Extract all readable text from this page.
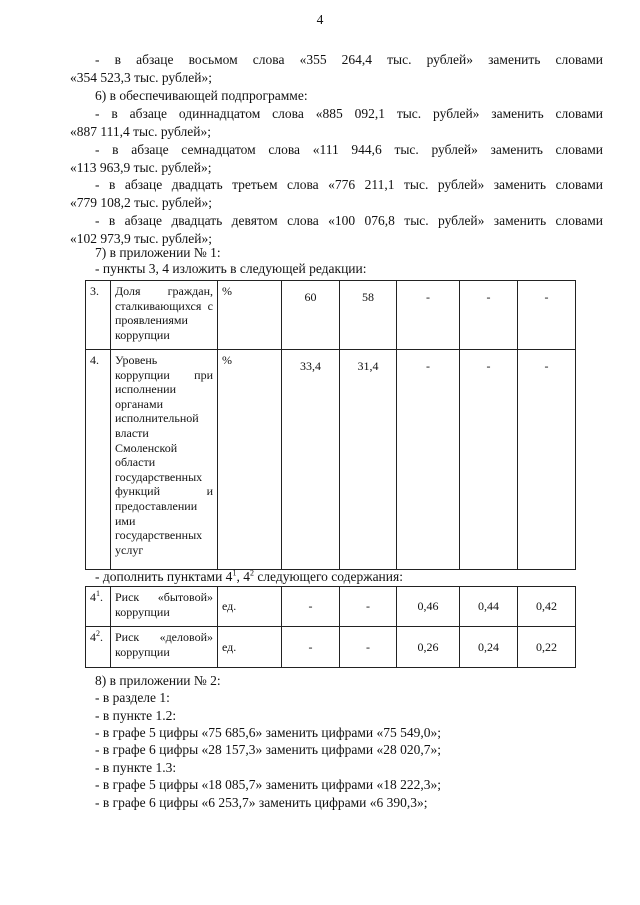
4
- в абзаце восьмом слова «355 264,4 тыс. рублей» заменить словами
«354 523,3 тыс. рублей»;
6) в обеспечивающей подпрограмме:
- в абзаце одиннадцатом слова «885 092,1 тыс. рублей» заменить словами
«887 111,4 тыс. рублей»;
- в абзаце семнадцатом слова «111 944,6 тыс. рублей» заменить словами
«113 963,9 тыс. рублей»;
- в абзаце двадцать третьем слова «776 211,1 тыс. рублей» заменить словами
«779 108,2 тыс. рублей»;
- в абзаце двадцать девятом слова «100 076,8 тыс. рублей» заменить словами
«102 973,9 тыс. рублей»;
7) в приложении № 1:
- пункты 3, 4 изложить в следующей редакции:
3.	Доля граждан, сталкивающихся с проявлениями коррупции	%	60	58	-	-	-
4.	Уровень коррупции при исполнении органами исполнительной власти Смоленской области государственных функций и предоставлении ими государственных услуг	%	33,4	31,4	-	-	-
- дополнить пунктами $4^1$, $4^2$ следующего содержания:
$4^1$.	Риск «бытовой» коррупции	ед.	-	-	0,46	0,44	0,42
$4^2$.	Риск «деловой» коррупции	ед.	-	-	0,26	0,24	0,22
8) в приложении № 2:
- в разделе 1:
- в пункте 1.2:
- в графе 5 цифры «75 685,6» заменить цифрами «75 549,0»;
- в графе 6 цифры «28 157,3» заменить цифрами «28 020,7»;
- в пункте 1.3:
- в графе 5 цифры «18 085,7» заменить цифрами «18 222,3»;
- в графе 6 цифры «6 253,7» заменить цифрами «6 390,3»;
